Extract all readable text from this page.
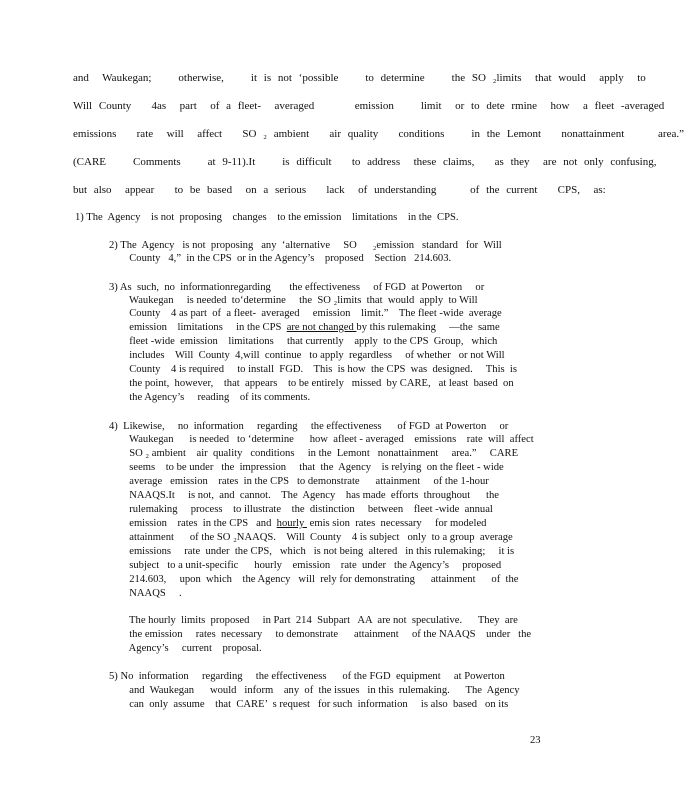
and  Waukegan;    otherwise,    it is not ‘possible    to determine    the SO ₂limits  that would  apply  to
Will County   4as  part  of a fleet-  averaged      emission    limit  or to dete rmine  how  a fleet -averaged
emissions   rate  will  affect   SO ₂ ambient   air quality   conditions    in the Lemont   nonattainment     area.”
(CARE    Comments    at 9-11).It    is difficult   to address  these claims,   as they  are not only confusing,
but also  appear   to be based  on a serious   lack  of understanding     of the current   CPS,  as:
1) The  Agency    is not  proposing    changes    to the emission    limitations    in the  CPS.
2) The  Agency   is not  proposing   any  ‘alternative     SO      ₂emission   standard   for  Will
County   4,”  in the CPS  or in the Agency’s    proposed    Section   214.603.
3) As  such,  no  informationregarding       the effectiveness     of FGD  at Powerton     or
Waukegan     is needed  to‘determine     the  SO ₂limits  that  would  apply  to Will
County    4 as part  of  a fleet-  averaged     emission    limit.”    The fleet -wide  average
emission    limitations     in the CPS  are not changed by this rulemaking     —the  same
fleet -wide  emission    limitations     that currently    apply  to the CPS  Group,   which
includes    Will  County  4,will  continue   to apply  regardless     of whether   or not Will
County    4 is required     to install  FGD.    This  is how  the CPS  was  designed.     This  is
the point,  however,    that  appears    to be entirely   missed  by CARE,   at least  based  on
the Agency’s     reading    of its comments.
4)  Likewise,     no  information     regarding     the effectiveness      of FGD  at Powerton     or
Waukegan      is needed   to ‘determine      how  afleet - averaged    emissions    rate  will  affect
SO ₂ ambient    air  quality   conditions     in the  Lemont   nonattainment     area.”     CARE
seems    to be under   the  impression     that  the  Agency    is relying  on the fleet - wide
average   emission    rates  in the CPS   to demonstrate      attainment     of the 1-hour
NAAQS.It     is not,  and  cannot.    The  Agency    has made  efforts  throughout      the
rulemaking     process    to illustrate    the  distinction     between    fleet -wide  annual
emission    rates  in the CPS   and  hourly  emis sion  rates  necessary     for modeled
attainment      of the SO ₂NAAQS.    Will  County    4 is subject   only  to a group  average
emissions     rate  under  the CPS,   which   is not being  altered   in this rulemaking;     it is
subject   to a unit-specific      hourly    emission    rate  under   the Agency’s     proposed
214.603,     upon  which    the Agency   will  rely for demonstrating      attainment      of  the
NAAQS     .
The hourly  limits  proposed     in Part  214  Subpart   AA  are not  speculative.      They  are
the emission     rates  necessary     to demonstrate      attainment     of the NAAQS    under   the
Agency’s     current    proposal.
5) No  information     regarding     the effectiveness      of the FGD  equipment     at Powerton
and  Waukegan      would   inform    any  of  the issues   in this  rulemaking.      The  Agency
can  only  assume    that  CARE’  s request   for such  information     is also  based   on its
23
